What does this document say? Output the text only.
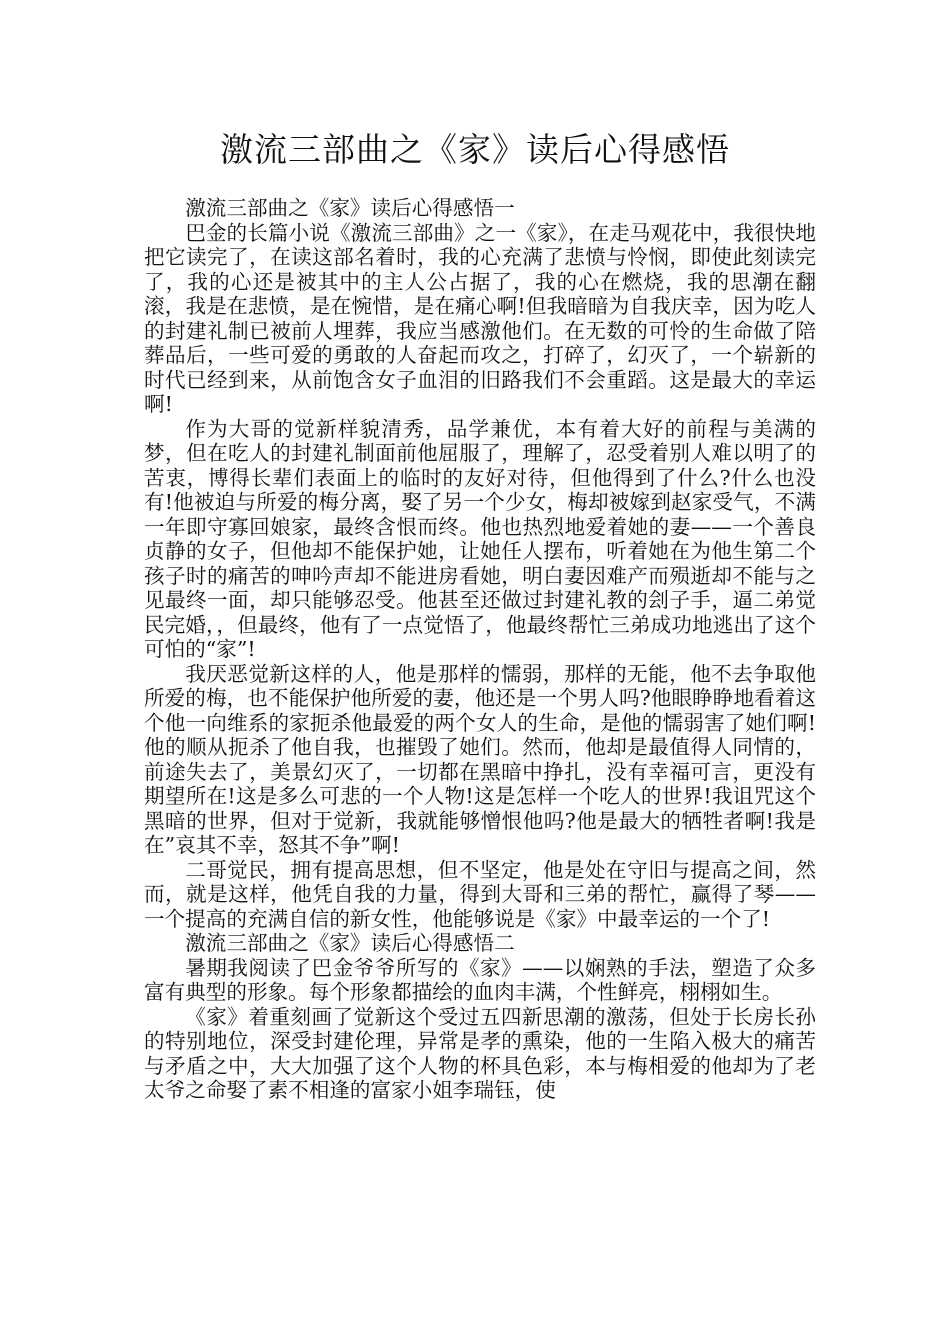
激流三部曲之《家》读后心得感悟
激流三部曲之《家》读后心得感悟一

巴金的长篇小说《激流三部曲》之一《家》，在走马观花中，我很快地把它读完了，在读这部名着时，我的心充满了悲愤与怜悯，即使此刻读完了，我的心还是被其中的主人公占据了，我的心在燃烧，我的思潮在翻滚，我是在悲愤，是在惋惜，是在痛心啊!但我暗暗为自我庆幸，因为吃人的封建礼制已被前人埋葬，我应当感激他们。在无数的可怜的生命做了陪葬品后，一些可爱的勇敢的人奋起而攻之，打碎了，幻灭了，一个崭新的时代已经到来，从前饱含女子血泪的旧路我们不会重蹈。这是最大的幸运啊!

作为大哥的觉新样貌清秀，品学兼优，本有着大好的前程与美满的梦，但在吃人的封建礼制面前他屈服了，理解了，忍受着别人难以明了的苦衷，博得长辈们表面上的临时的友好对待，但他得到了什么?什么也没有!他被迫与所爱的梅分离，娶了另一个少女，梅却被嫁到赵家受气，不满一年即守寡回娘家，最终含恨而终。他也热烈地爱着她的妻——一个善良贞静的女子，但他却不能保护她，让她任人摆布，听着她在为他生第二个孩子时的痛苦的呻吟声却不能进房看她，明白妻因难产而殒逝却不能与之见最终一面，却只能够忍受。他甚至还做过封建礼教的刽子手，逼二弟觉民完婚，，但最终，他有了一点觉悟了，他最终帮忙三弟成功地逃出了这个可怕的“家”!

我厌恶觉新这样的人，他是那样的懦弱，那样的无能，他不去争取他所爱的梅，也不能保护他所爱的妻，他还是一个男人吗?他眼睁睁地看着这个他一向维系的家扼杀他最爱的两个女人的生命，是他的懦弱害了她们啊!他的顺从扼杀了他自我，也摧毁了她们。然而，他却是最值得人同情的，前途失去了，美景幻灭了，一切都在黑暗中挣扎，没有幸福可言，更没有期望所在!这是多么可悲的一个人物!这是怎样一个吃人的世界!我诅咒这个黑暗的世界，但对于觉新，我就能够憎恨他吗?他是最大的牺牲者啊!我是在”哀其不幸，怒其不争”啊!

二哥觉民，拥有提高思想，但不坚定，他是处在守旧与提高之间，然而，就是这样，他凭自我的力量，得到大哥和三弟的帮忙，赢得了琴——一个提高的充满自信的新女性，他能够说是《家》中最幸运的一个了!

激流三部曲之《家》读后心得感悟二

暑期我阅读了巴金爷爷所写的《家》——以娴熟的手法，塑造了众多富有典型的形象。每个形象都描绘的血肉丰满，个性鲜亮，栩栩如生。

《家》着重刻画了觉新这个受过五四新思潮的激荡，但处于长房长孙的特别地位，深受封建伦理，异常是孝的熏染，他的一生陷入极大的痛苦与矛盾之中，大大加强了这个人物的杯具色彩，本与梅相爱的他却为了老太爷之命娶了素不相逢的富家小姐李瑞钰，使
